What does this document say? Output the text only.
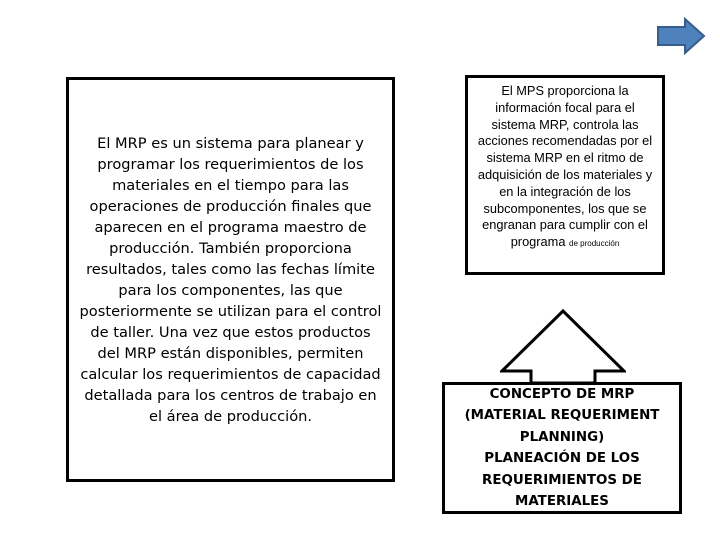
El MRP es un sistema para planear y programar los requerimientos de los materiales en el tiempo para las operaciones de producción finales que aparecen en el programa maestro de producción. También proporciona resultados, tales como las fechas límite para los componentes, las que posteriormente se utilizan para el control de taller. Una vez que estos productos del MRP están disponibles, permiten calcular los requerimientos de capacidad detallada para los centros de trabajo en el área de producción.
El MPS proporciona la información focal para el sistema MRP, controla las acciones recomendadas por el sistema MRP en el ritmo de adquisición de los materiales y en la integración de los subcomponentes, los que se engranan para cumplir con el programa de producción
CONCEPTO DE MRP
(MATERIAL REQUERIMENT PLANNING)
PLANEACIÓN DE LOS REQUERIMIENTOS DE MATERIALES
